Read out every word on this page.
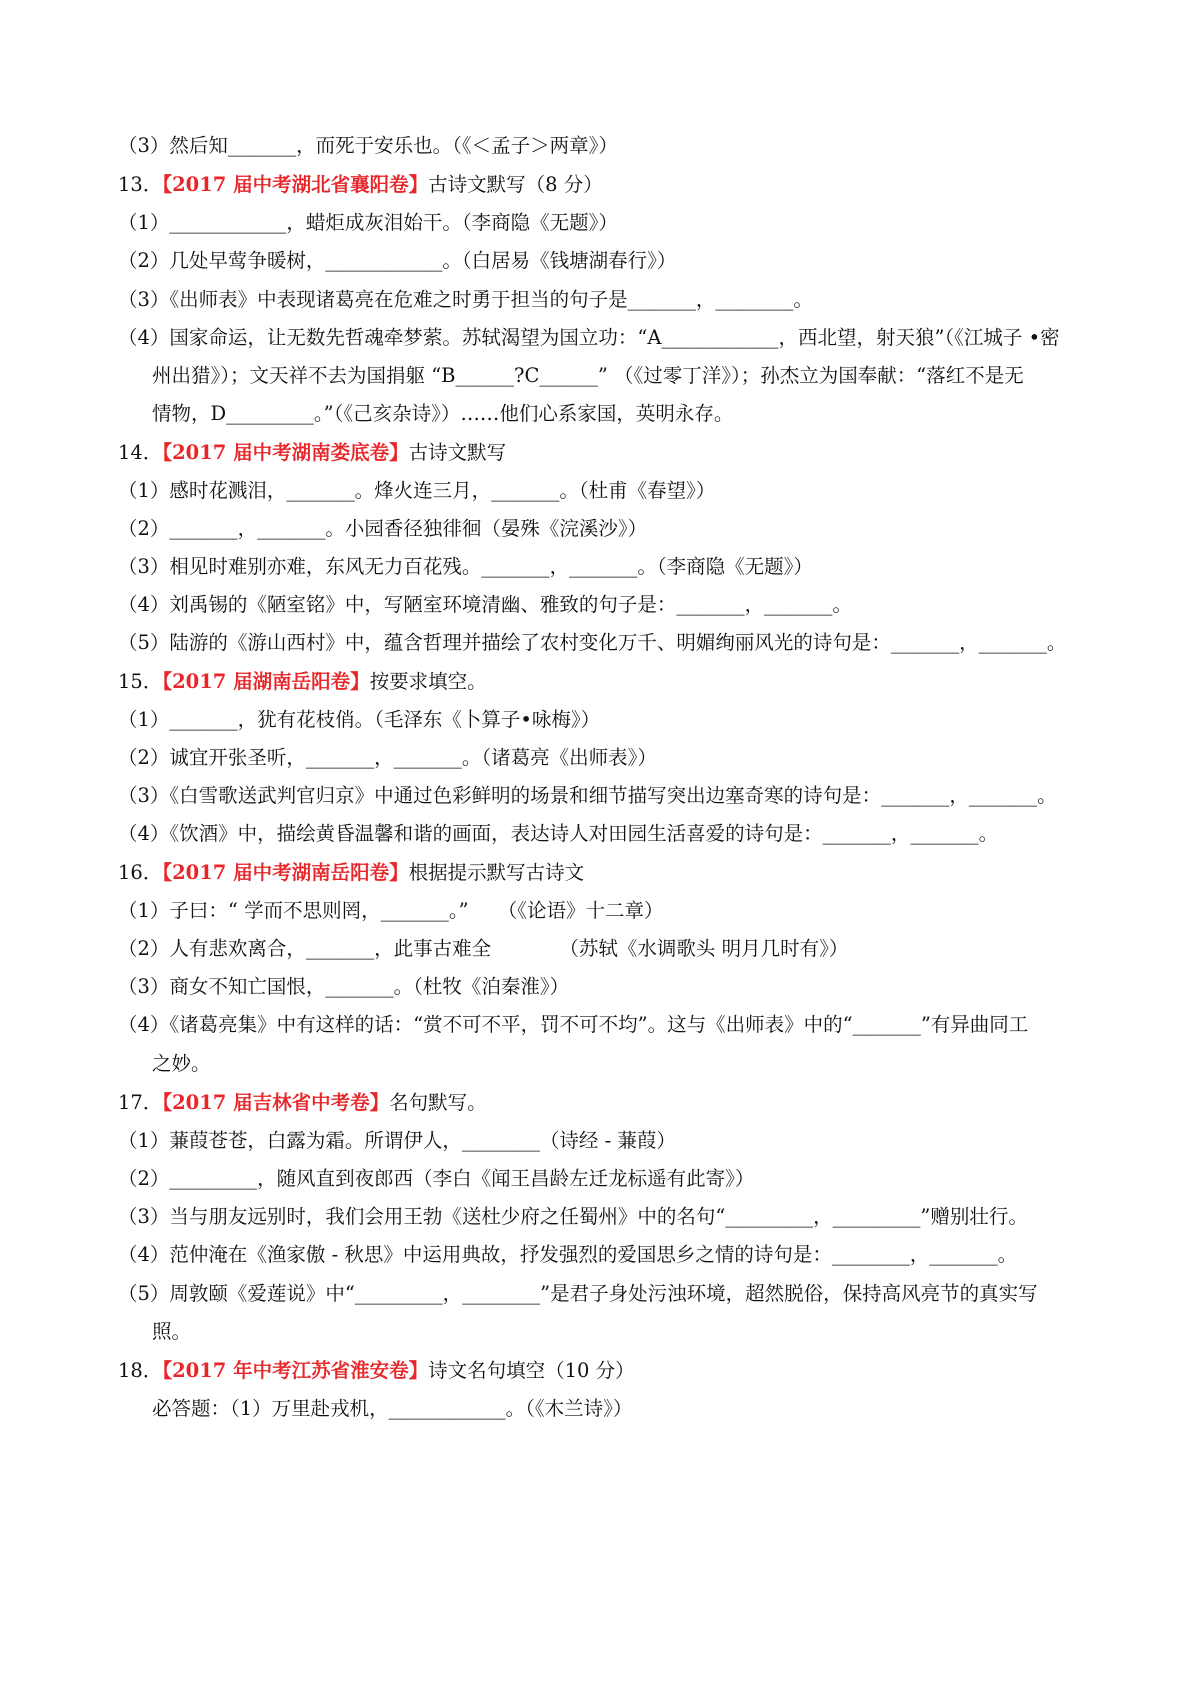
（3）然后知_______，而死于安乐也。（《＜孟子＞两章》）
13．【2017 届中考湖北省襄阳卷】古诗文默写（8 分）
（1）____________，蜡炬成灰泪始干。（李商隐《无题》）
（2）几处早莺争暖树，____________。（白居易《钱塘湖春行》）
（3）《出师表》中表现诸葛亮在危难之时勇于担当的句子是_______，________。
（4）国家命运，让无数先哲魂牵梦萦。苏轼渴望为国立功：“A____________，西北望，射天狼”（《江城子 •密
州出猎》）；文天祥不去为国捐躯 “B______?C______” （《过零丁洋》）；孙杰立为国奉献：“落红不是无
情物，D_________。”（《己亥杂诗》）……他们心系家国，英明永存。
14．【2017 届中考湖南娄底卷】古诗文默写
（1）感时花溅泪，_______。烽火连三月，_______。（杜甫《春望》）
（2）_______，_______。小园香径独徘徊（晏殊《浣溪沙》）
（3）相见时难别亦难，东风无力百花残。_______，_______。（李商隐《无题》）
（4）刘禹锡的《陋室铭》中，写陋室环境清幽、雅致的句子是：_______，_______。
（5）陆游的《游山西村》中，蕴含哲理并描绘了农村变化万千、明媚绚丽风光的诗句是：_______，_______。
15．【2017 届湖南岳阳卷】按要求填空。
（1）_______，犹有花枝俏。（毛泽东《卜算子•咏梅》）
（2）诚宜开张圣听，_______，_______。（诸葛亮《出师表》）
（3）《白雪歌送武判官归京》中通过色彩鲜明的场景和细节描写突出边塞奇寒的诗句是：_______，_______。
（4）《饮酒》中，描绘黄昏温馨和谐的画面，表达诗人对田园生活喜爱的诗句是：_______，_______。
16．【2017 届中考湖南岳阳卷】根据提示默写古诗文
（1）子曰：“ 学而不思则罔，_______。”　　（《论语》十二章）
（2）人有悲欢离合，_______，此事古难全　　　　（苏轼《水调歌头 明月几时有》）
（3）商女不知亡国恨，_______。（杜牧《泊秦淮》）
（4）《诸葛亮集》中有这样的话：“赏不可不平，罚不可不均”。这与《出师表》中的“_______”有异曲同工
之妙。
17．【2017 届吉林省中考卷】名句默写。
（1）蒹葭苍苍，白露为霜。所谓伊人，________（诗经 - 蒹葭）
（2）_________，随风直到夜郎西（李白《闻王昌龄左迁龙标遥有此寄》）
（3）当与朋友远别时，我们会用王勃《送杜少府之任蜀州》中的名句“_________，_________”赠别壮行。
（4）范仲淹在《渔家傲 - 秋思》中运用典故，抒发强烈的爱国思乡之情的诗句是：________，_______。
（5）周敦颐《爱莲说》中“_________，________”是君子身处污浊环境，超然脱俗，保持高风亮节的真实写
照。
18．【2017 年中考江苏省淮安卷】诗文名句填空（10 分）
必答题：（1）万里赴戎机，____________。（《木兰诗》）
